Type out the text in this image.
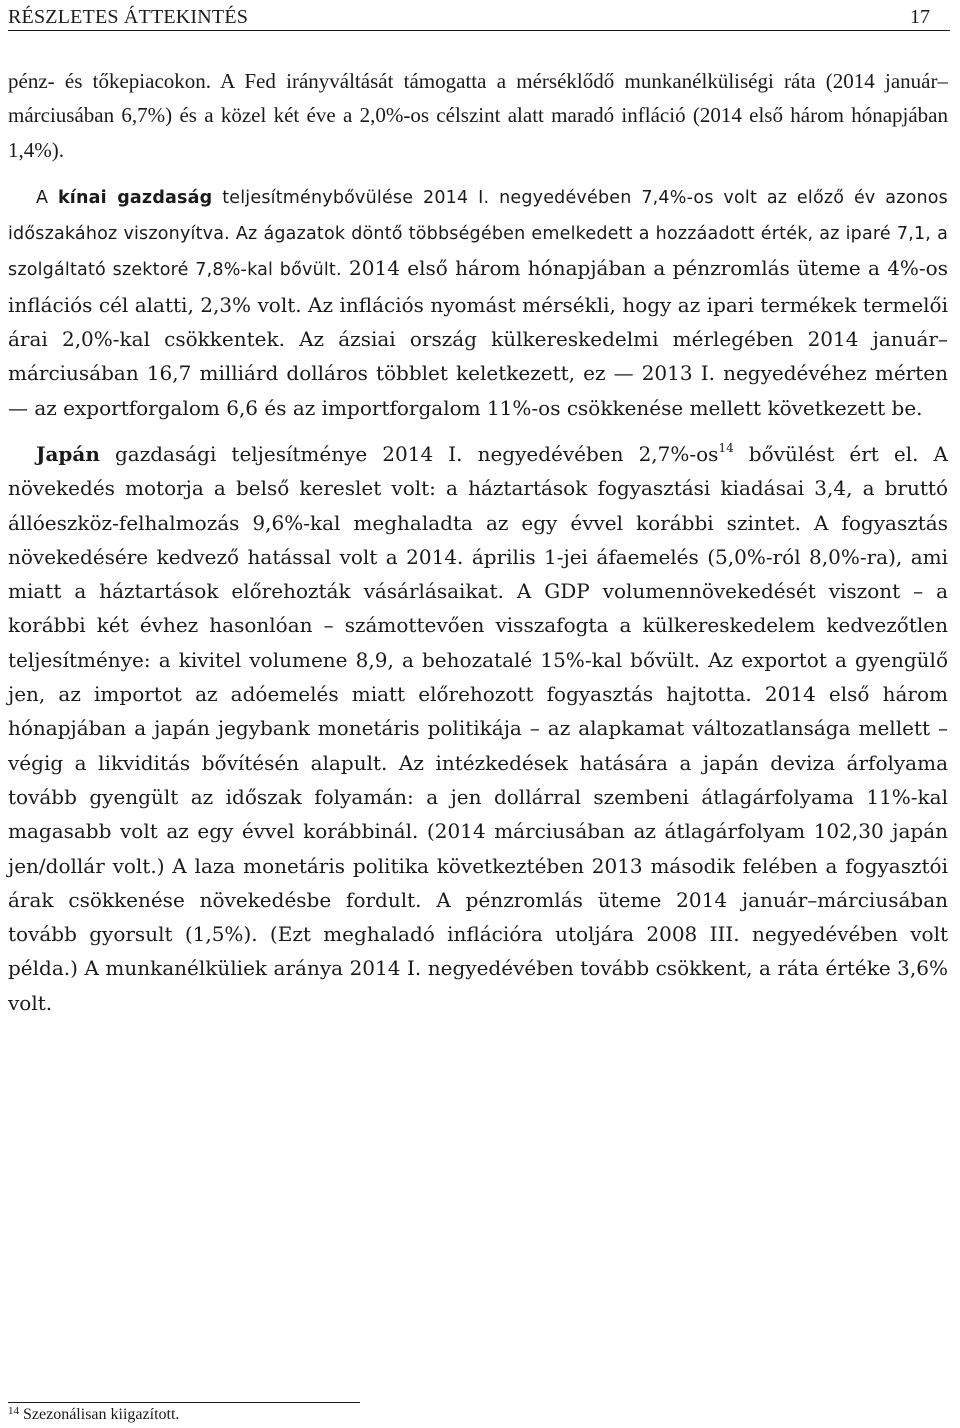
RÉSZLETES ÁTTEKINTÉS	17

pénz- és tőkepiacokon. A Fed irányváltását támogatta a mérséklődő munkanélküliségi ráta (2014 január–márciusában 6,7%) és a közel két éve a 2,0%-os célszint alatt maradó infláció (2014 első három hónapjában 1,4%).

A kínai gazdaság teljesítménybővülése 2014 I. negyedévében 7,4%-os volt az előző év azonos időszakához viszonyítva. Az ágazatok döntő többségében emelkedett a hozzáadott érték, az iparé 7,1, a szolgáltató szektoré 7,8%-kal bővült. 2014 első három hónapjában a pénzromlás üteme a 4%-os inflációs cél alatti, 2,3% volt. Az inflációs nyomást mérsékli, hogy az ipari termékek termelői árai 2,0%-kal csökkentek. Az ázsiai ország külkereskedelmi mérlegében 2014 január–márciusában 16,7 milliárd dolláros többlet keletkezett, ez — 2013 I. negyedévéhez mérten — az exportforgalom 6,6 és az importforgalom 11%-os csökkenése mellett következett be.

Japán gazdasági teljesítménye 2014 I. negyedévében 2,7%-os$^{14}$ bővülést ért el. A növekedés motorja a belső kereslet volt: a háztartások fogyasztási kiadásai 3,4, a bruttó állóeszköz-felhalmozás 9,6%-kal meghaladta az egy évvel korábbi szintet. A fogyasztás növekedésére kedvező hatással volt a 2014. április 1-jei áfaemelés (5,0%-ról 8,0%-ra), ami miatt a háztartások előrehozták vásárlásaikat. A GDP volumennövekedését viszont – a korábbi két évhez hasonlóan – számottevően visszafogta a külkereskedelem kedvezőtlen teljesítménye: a kivitel volumene 8,9, a behozatalé 15%-kal bővült. Az exportot a gyengülő jen, az importot az adóemelés miatt előrehozott fogyasztás hajtotta. 2014 első három hónapjában a japán jegybank monetáris politikája – az alapkamat változatlansága mellett – végig a likviditás bővítésén alapult. Az intézkedések hatására a japán deviza árfolyama tovább gyengült az időszak folyamán: a jen dollárral szembeni átlagárfolyama 11%-kal magasabb volt az egy évvel korábbinál. (2014 márciusában az átlagárfolyam 102,30 japán jen/dollár volt.) A laza monetáris politika következtében 2013 második felében a fogyasztói árak csökkenése növekedésbe fordult. A pénzromlás üteme 2014 január–márciusában tovább gyorsult (1,5%). (Ezt meghaladó inflációra utoljára 2008 III. negyedévében volt példa.) A munkanélküliek aránya 2014 I. negyedévében tovább csökkent, a ráta értéke 3,6% volt.

$^{14}$ Szezonálisan kiigazított.
